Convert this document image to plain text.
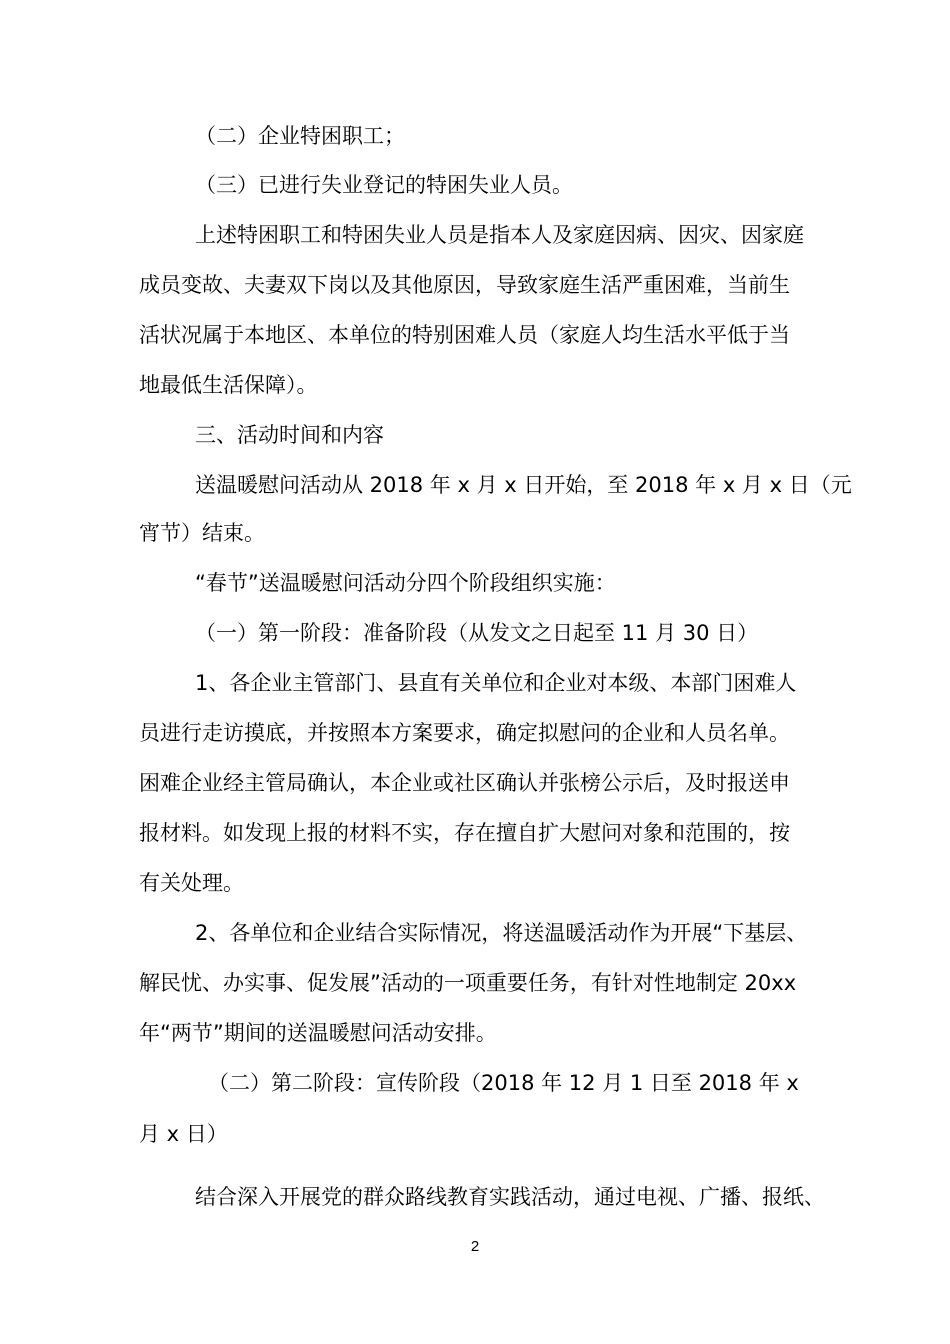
（二）企业特困职工；
（三）已进行失业登记的特困失业人员。
上述特困职工和特困失业人员是指本人及家庭因病、因灾、因家庭
成员变故、夫妻双下岗以及其他原因，导致家庭生活严重困难，当前生
活状况属于本地区、本单位的特别困难人员（家庭人均生活水平低于当
地最低生活保障）。
三、活动时间和内容
送温暖慰问活动从 2018 年 x 月 x 日开始，至 2018 年 x 月 x 日（元
宵节）结束。
“春节”送温暖慰问活动分四个阶段组织实施：
（一）第一阶段：准备阶段（从发文之日起至 11 月 30 日）
1、各企业主管部门、县直有关单位和企业对本级、本部门困难人
员进行走访摸底，并按照本方案要求，确定拟慰问的企业和人员名单。
困难企业经主管局确认，本企业或社区确认并张榜公示后，及时报送申
报材料。如发现上报的材料不实，存在擅自扩大慰问对象和范围的，按
有关处理。
2、各单位和企业结合实际情况，将送温暖活动作为开展“下基层、
解民忧、办实事、促发展”活动的一项重要任务，有针对性地制定 20xx
年“两节”期间的送温暖慰问活动安排。
（二）第二阶段：宣传阶段（2018 年 12 月 1 日至 2018 年 x
月 x 日）
结合深入开展党的群众路线教育实践活动，通过电视、广播、报纸、
2
